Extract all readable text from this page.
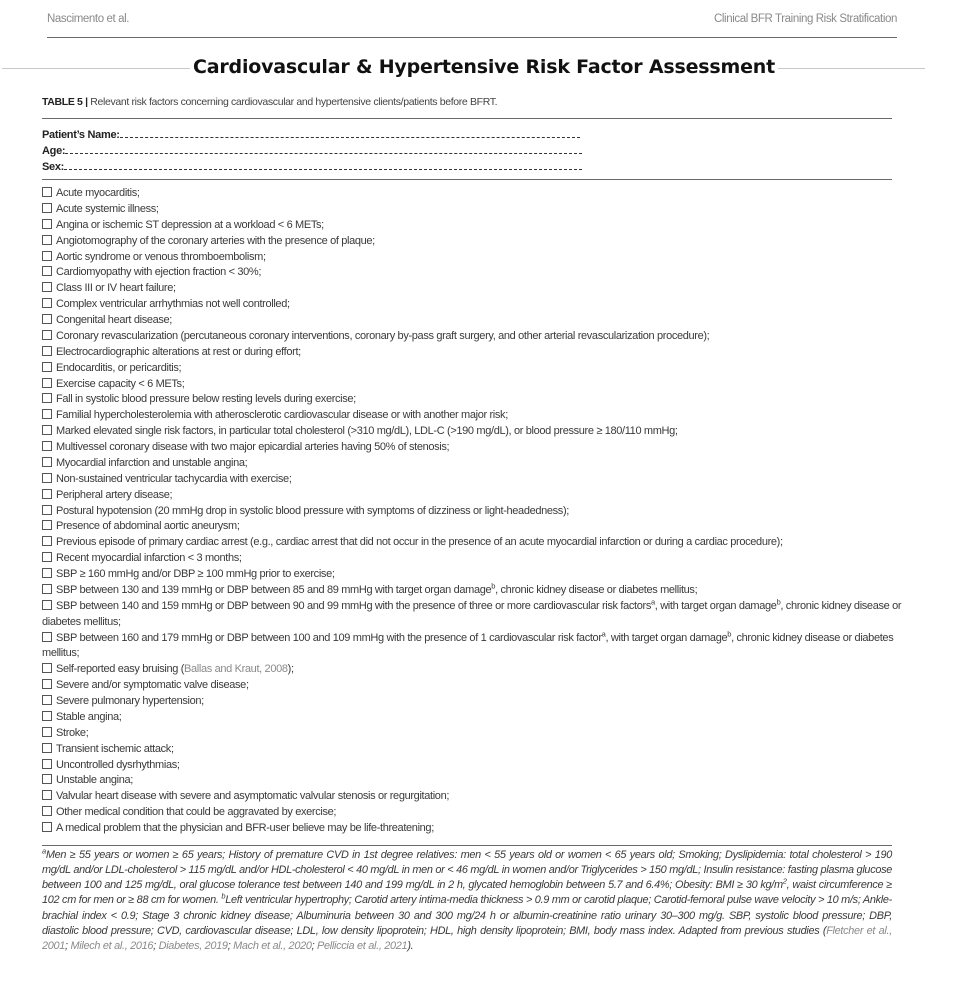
Nascimento et al.	Clinical BFR Training Risk Stratification
Cardiovascular & Hypertensive Risk Factor Assessment
TABLE 5 | Relevant risk factors concerning cardiovascular and hypertensive clients/patients before BFRT.
Patient’s Name:
Age:
Sex:
Acute myocarditis;
Acute systemic illness;
Angina or ischemic ST depression at a workload < 6 METs;
Angiotomography of the coronary arteries with the presence of plaque;
Aortic syndrome or venous thromboembolism;
Cardiomyopathy with ejection fraction < 30%;
Class III or IV heart failure;
Complex ventricular arrhythmias not well controlled;
Congenital heart disease;
Coronary revascularization (percutaneous coronary interventions, coronary by-pass graft surgery, and other arterial revascularization procedure);
Electrocardiographic alterations at rest or during effort;
Endocarditis, or pericarditis;
Exercise capacity < 6 METs;
Fall in systolic blood pressure below resting levels during exercise;
Familial hypercholesterolemia with atherosclerotic cardiovascular disease or with another major risk;
Marked elevated single risk factors, in particular total cholesterol (>310 mg/dL), LDL-C (>190 mg/dL), or blood pressure ≥ 180/110 mmHg;
Multivessel coronary disease with two major epicardial arteries having 50% of stenosis;
Myocardial infarction and unstable angina;
Non-sustained ventricular tachycardia with exercise;
Peripheral artery disease;
Postural hypotension (20 mmHg drop in systolic blood pressure with symptoms of dizziness or light-headedness);
Presence of abdominal aortic aneurysm;
Previous episode of primary cardiac arrest (e.g., cardiac arrest that did not occur in the presence of an acute myocardial infarction or during a cardiac procedure);
Recent myocardial infarction < 3 months;
SBP ≥ 160 mmHg and/or DBP ≥ 100 mmHg prior to exercise;
SBP between 130 and 139 mmHg or DBP between 85 and 89 mmHg with target organ damage$^b$, chronic kidney disease or diabetes mellitus;
SBP between 140 and 159 mmHg or DBP between 90 and 99 mmHg with the presence of three or more cardiovascular risk factors$^a$, with target organ damage$^b$, chronic kidney disease or diabetes mellitus;
SBP between 160 and 179 mmHg or DBP between 100 and 109 mmHg with the presence of 1 cardiovascular risk factor$^a$, with target organ damage$^b$, chronic kidney disease or diabetes mellitus;
Self-reported easy bruising (Ballas and Kraut, 2008);
Severe and/or symptomatic valve disease;
Severe pulmonary hypertension;
Stable angina;
Stroke;
Transient ischemic attack;
Uncontrolled dysrhythmias;
Unstable angina;
Valvular heart disease with severe and asymptomatic valvular stenosis or regurgitation;
Other medical condition that could be aggravated by exercise;
A medical problem that the physician and BFR-user believe may be life-threatening;
$^a$Men ≥ 55 years or women ≥ 65 years; History of premature CVD in 1st degree relatives: men < 55 years old or women < 65 years old; Smoking; Dyslipidemia: total cholesterol > 190 mg/dL and/or LDL-cholesterol > 115 mg/dL and/or HDL-cholesterol < 40 mg/dL in men or < 46 mg/dL in women and/or Triglycerides > 150 mg/dL; Insulin resistance: fasting plasma glucose between 100 and 125 mg/dL, oral glucose tolerance test between 140 and 199 mg/dL in 2 h, glycated hemoglobin between 5.7 and 6.4%; Obesity: BMI ≥ 30 $kg/m^2$, waist circumference ≥ 102 cm for men or ≥ 88 cm for women. $^b$Left ventricular hypertrophy; Carotid artery intima-media thickness > 0.9 mm or carotid plaque; Carotid-femoral pulse wave velocity > 10 m/s; Ankle-brachial index < 0.9; Stage 3 chronic kidney disease; Albuminuria between 30 and 300 mg/24 h or albumin-creatinine ratio urinary 30–300 mg/g. SBP, systolic blood pressure; DBP, diastolic blood pressure; CVD, cardiovascular disease; LDL, low density lipoprotein; HDL, high density lipoprotein; BMI, body mass index. Adapted from previous studies (Fletcher et al., 2001; Milech et al., 2016; Diabetes, 2019; Mach et al., 2020; Pelliccia et al., 2021).
